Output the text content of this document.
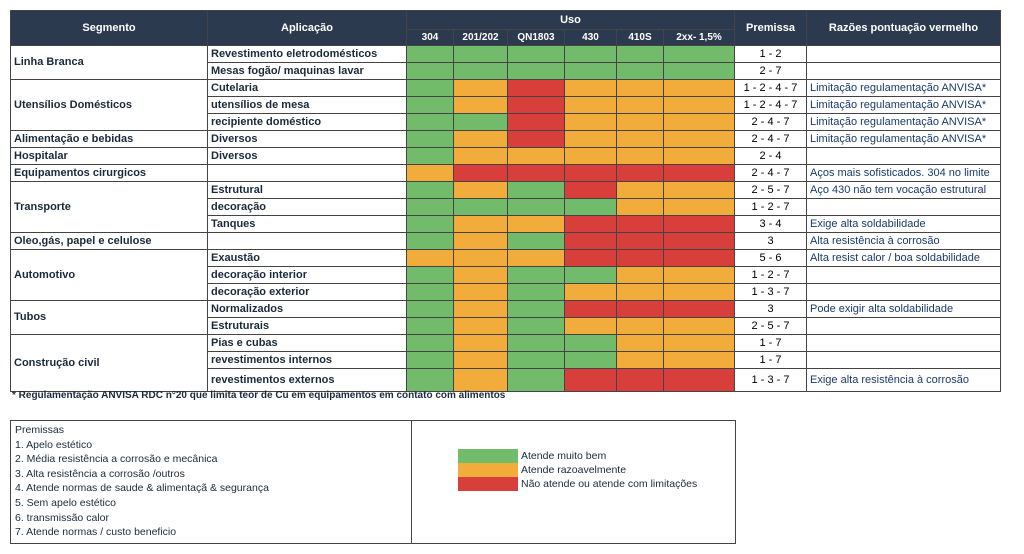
Segmento	Aplicação	Uso						Premissa	Razões pontuação vermelho
		304	201/202	QN1803	430	410S	2xx- 1,5%		
Linha Branca	Revestimento eletrodomésticos							1 - 2	
	Mesas fogão/ maquinas lavar							2 - 7	
Utensílios Domésticos	Cutelaria							1 - 2 - 4 - 7	Limitação regulamentação ANVISA*
	utensílios de mesa							1 - 2 - 4 - 7	Limitação regulamentação ANVISA*
	recipiente doméstico							2 - 4 - 7	Limitação regulamentação ANVISA*
Alimentação e bebidas	Diversos							2 - 4 - 7	Limitação regulamentação ANVISA*
Hospitalar	Diversos							2 - 4	
Equipamentos cirurgicos								2 - 4 - 7	Aços mais sofisticados. 304 no limite
Transporte	Estrutural							2 - 5 - 7	Aço 430 não tem vocação estrutural
	decoração							1 - 2 - 7	
	Tanques							3 - 4	Exige alta soldabilidade
Oleo,gás, papel e celulose								3	Alta resistência à corrosão
Automotivo	Exaustão							5 - 6	Alta resist calor / boa soldabilidade
	decoração interior							1 - 2 - 7	
	decoração exterior							1 - 3 - 7	
Tubos	Normalizados							3	Pode exigir alta soldabilidade
	Estruturais							2 - 5 - 7	
Construção civil	Pias e cubas							1 - 7	
	revestimentos internos							1 - 7	
	revestimentos externos							1 - 3 - 7	Exige alta resistência à corrosão
* Regulamentação ANVISA RDC n°20 que limita teor de Cu em equipamentos em contato com alimentos
Premissas
1. Apelo estético
2. Média resistência a corrosão e mecânica
3. Alta resistência a corrosão /outros
4. Atende normas de saude & alimentaçã & segurança
5. Sem apelo estético
6. transmissão calor
7. Atende normas / custo beneficio
Atende muito bem
Atende razoavelmente
Não atende ou atende com limitações
